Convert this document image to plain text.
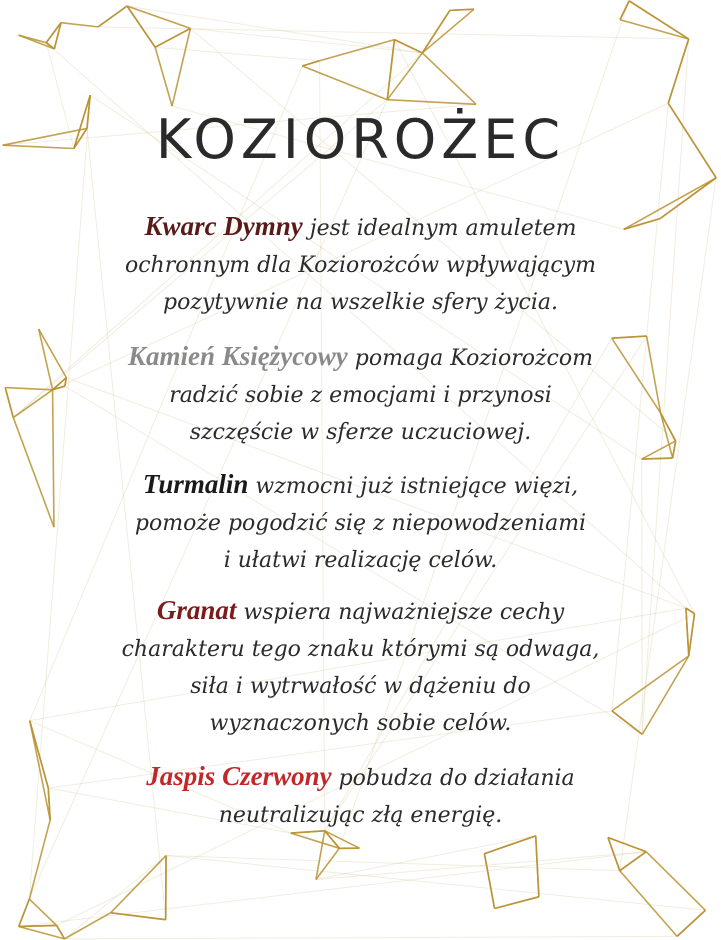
KOZIOROŻEC
Kwarc Dymny jest idealnym amuletem
ochronnym dla Koziorożców wpływającym
pozytywnie na wszelkie sfery życia.
Kamień Księżycowy pomaga Koziorożcom
radzić sobie z emocjami i przynosi
szczęście w sferze uczuciowej.
Turmalin wzmocni już istniejące więzi,
pomoże pogodzić się z niepowodzeniami
i ułatwi realizację celów.
Granat wspiera najważniejsze cechy
charakteru tego znaku którymi są odwaga,
siła i wytrwałość w dążeniu do
wyznaczonych sobie celów.
Jaspis Czerwony pobudza do działania
neutralizując złą energię.
